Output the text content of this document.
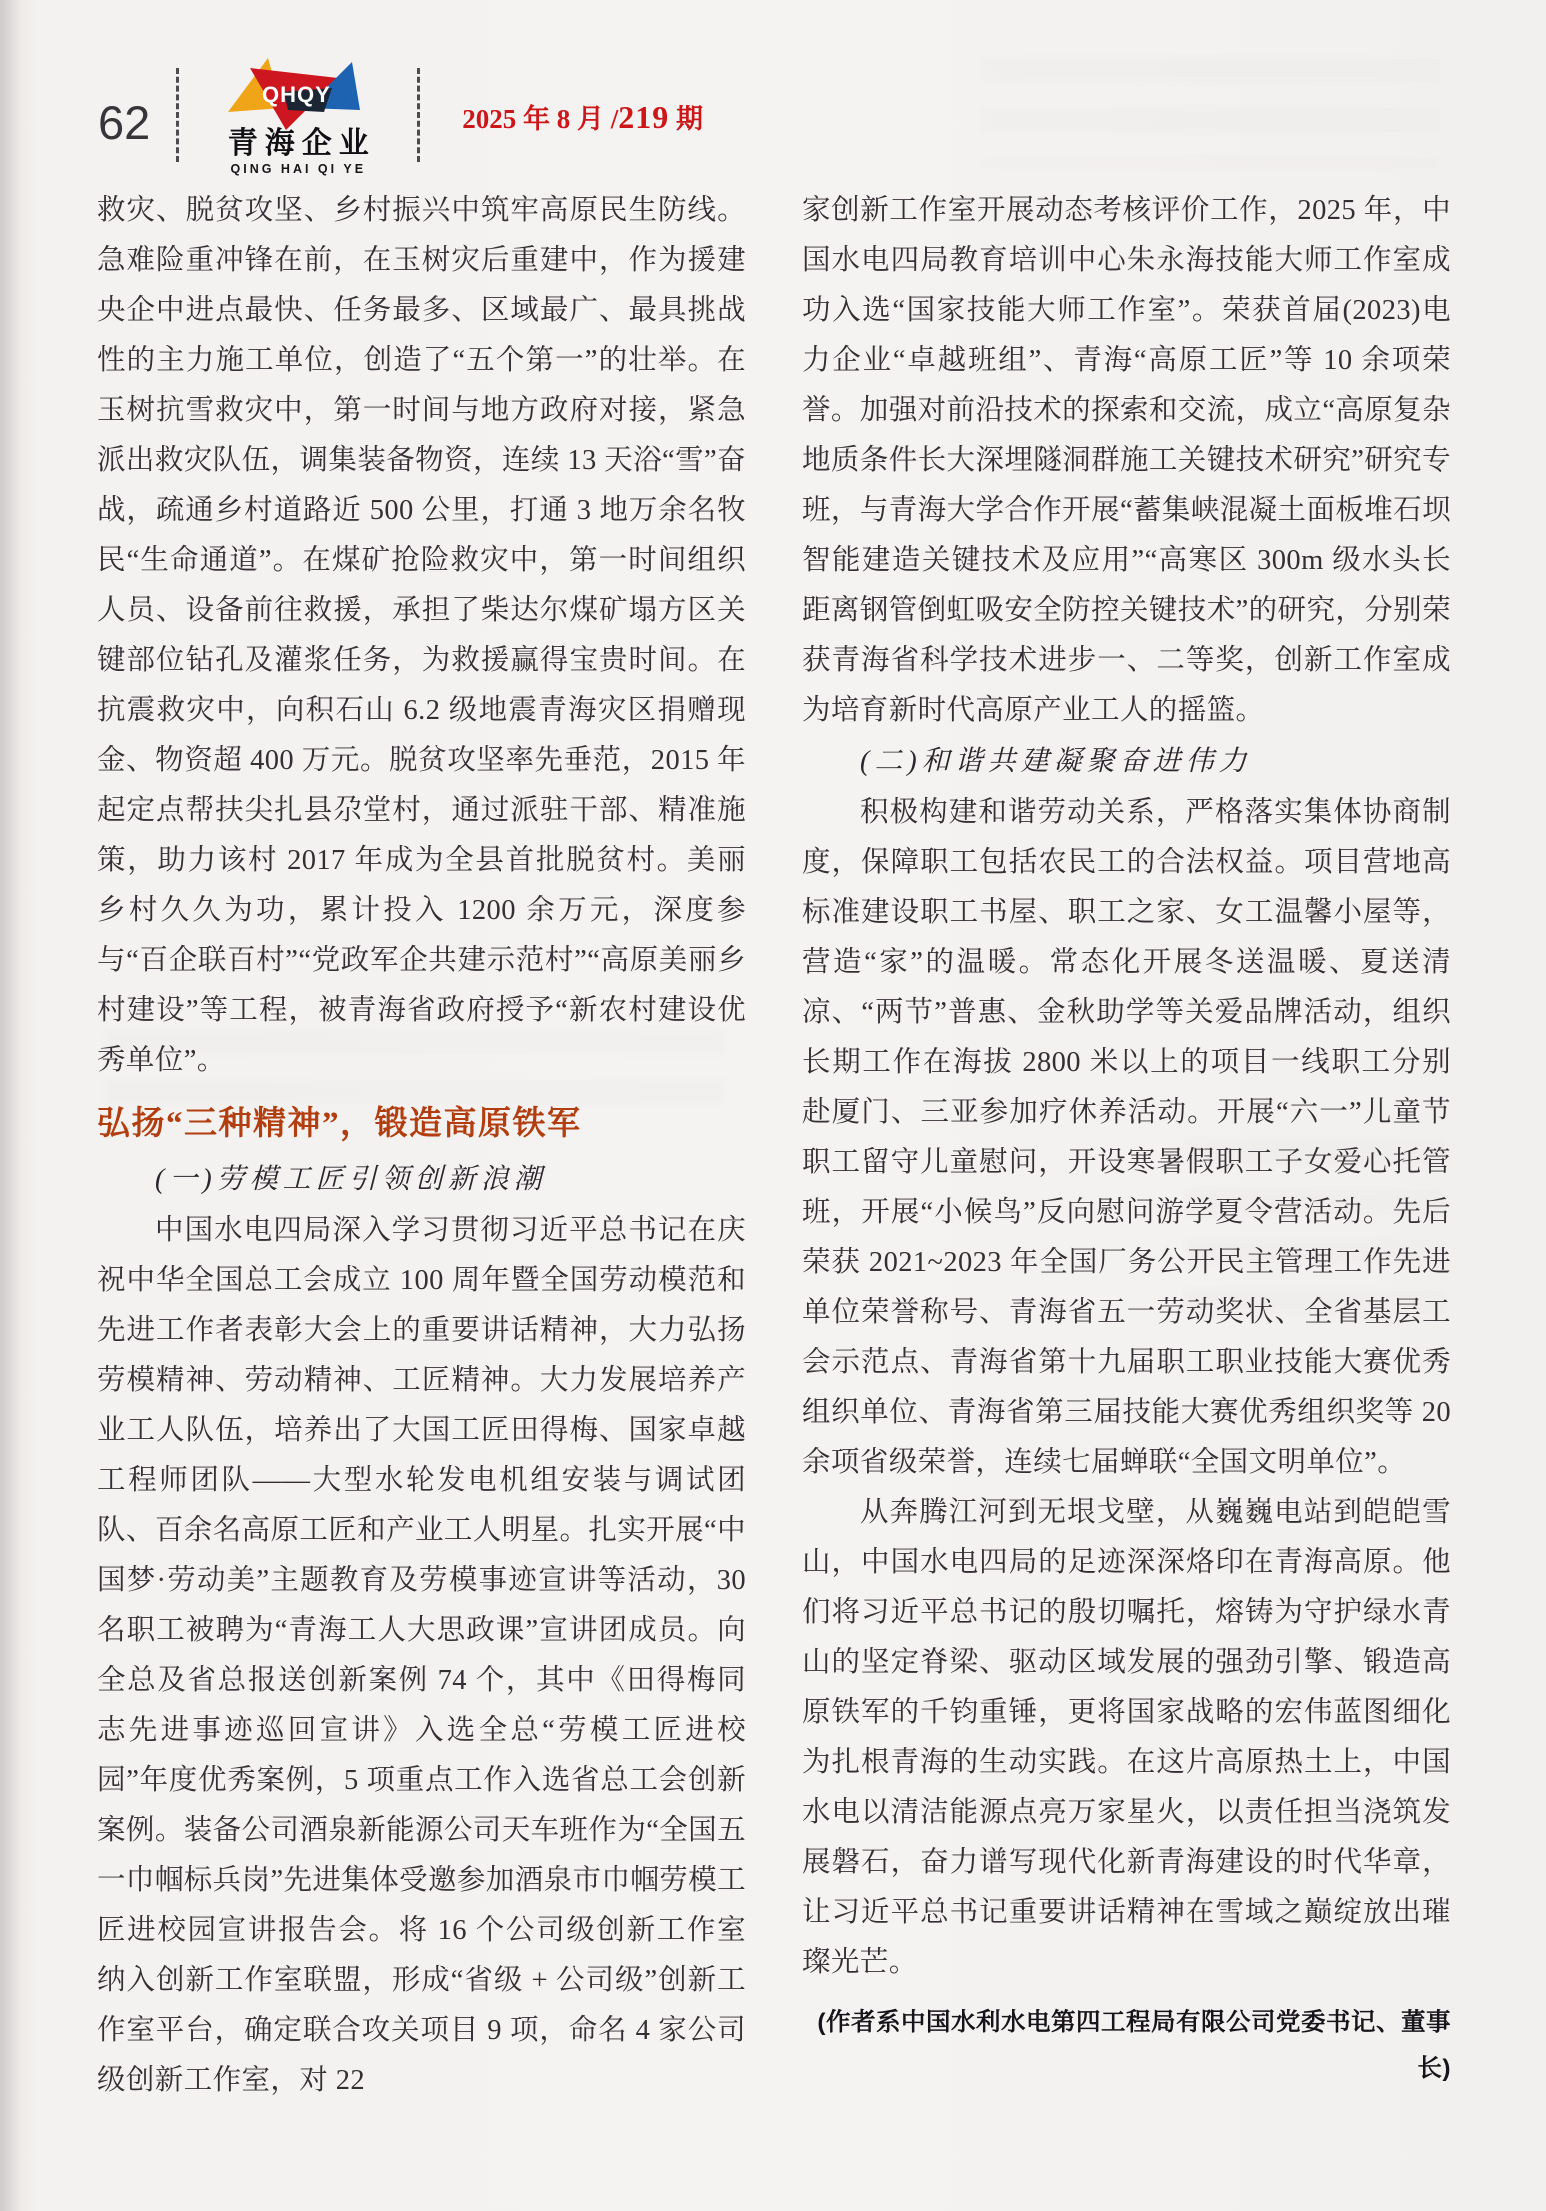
62
QHQY
青海企业
QING HAI QI YE
2025 年 8 月 /219 期

救灾、脱贫攻坚、乡村振兴中筑牢高原民生防线。急难险重冲锋在前，在玉树灾后重建中，作为援建央企中进点最快、任务最多、区域最广、最具挑战性的主力施工单位，创造了“五个第一”的壮举。在玉树抗雪救灾中，第一时间与地方政府对接，紧急派出救灾队伍，调集装备物资，连续 13 天浴“雪”奋战，疏通乡村道路近 500 公里，打通 3 地万余名牧民“生命通道”。在煤矿抢险救灾中，第一时间组织人员、设备前往救援，承担了柴达尔煤矿塌方区关键部位钻孔及灌浆任务，为救援赢得宝贵时间。在抗震救灾中，向积石山 6.2 级地震青海灾区捐赠现金、物资超 400 万元。脱贫攻坚率先垂范，2015 年起定点帮扶尖扎县尕堂村，通过派驻干部、精准施策，助力该村 2017 年成为全县首批脱贫村。美丽乡村久久为功，累计投入 1200 余万元，深度参与“百企联百村”“党政军企共建示范村”“高原美丽乡村建设”等工程，被青海省政府授予“新农村建设优秀单位”。

弘扬“三种精神”，锻造高原铁军
(一)劳模工匠引领创新浪潮

中国水电四局深入学习贯彻习近平总书记在庆祝中华全国总工会成立 100 周年暨全国劳动模范和先进工作者表彰大会上的重要讲话精神，大力弘扬劳模精神、劳动精神、工匠精神。大力发展培养产业工人队伍，培养出了大国工匠田得梅、国家卓越工程师团队——大型水轮发电机组安装与调试团队、百余名高原工匠和产业工人明星。扎实开展“中国梦·劳动美”主题教育及劳模事迹宣讲等活动，30 名职工被聘为“青海工人大思政课”宣讲团成员。向全总及省总报送创新案例 74 个，其中《田得梅同志先进事迹巡回宣讲》入选全总“劳模工匠进校园”年度优秀案例，5 项重点工作入选省总工会创新案例。装备公司酒泉新能源公司天车班作为“全国五一巾帼标兵岗”先进集体受邀参加酒泉市巾帼劳模工匠进校园宣讲报告会。将 16 个公司级创新工作室纳入创新工作室联盟，形成“省级 + 公司级”创新工作室平台，确定联合攻关项目 9 项，命名 4 家公司级创新工作室，对 22

家创新工作室开展动态考核评价工作，2025 年，中国水电四局教育培训中心朱永海技能大师工作室成功入选“国家技能大师工作室”。荣获首届(2023)电力企业“卓越班组”、青海“高原工匠”等 10 余项荣誉。加强对前沿技术的探索和交流，成立“高原复杂地质条件长大深埋隧洞群施工关键技术研究”研究专班，与青海大学合作开展“蓄集峡混凝土面板堆石坝智能建造关键技术及应用”“高寒区 300m 级水头长距离钢管倒虹吸安全防控关键技术”的研究，分别荣获青海省科学技术进步一、二等奖，创新工作室成为培育新时代高原产业工人的摇篮。

(二)和谐共建凝聚奋进伟力

积极构建和谐劳动关系，严格落实集体协商制度，保障职工包括农民工的合法权益。项目营地高标准建设职工书屋、职工之家、女工温馨小屋等，营造“家”的温暖。常态化开展冬送温暖、夏送清凉、“两节”普惠、金秋助学等关爱品牌活动，组织长期工作在海拔 2800 米以上的项目一线职工分别赴厦门、三亚参加疗休养活动。开展“六一”儿童节职工留守儿童慰问，开设寒暑假职工子女爱心托管班，开展“小候鸟”反向慰问游学夏令营活动。先后荣获 2021~2023 年全国厂务公开民主管理工作先进单位荣誉称号、青海省五一劳动奖状、全省基层工会示范点、青海省第十九届职工职业技能大赛优秀组织单位、青海省第三届技能大赛优秀组织奖等 20 余项省级荣誉，连续七届蝉联“全国文明单位”。

从奔腾江河到无垠戈壁，从巍巍电站到皑皑雪山，中国水电四局的足迹深深烙印在青海高原。他们将习近平总书记的殷切嘱托，熔铸为守护绿水青山的坚定脊梁、驱动区域发展的强劲引擎、锻造高原铁军的千钧重锤，更将国家战略的宏伟蓝图细化为扎根青海的生动实践。在这片高原热土上，中国水电以清洁能源点亮万家星火，以责任担当浇筑发展磐石，奋力谱写现代化新青海建设的时代华章，让习近平总书记重要讲话精神在雪域之巅绽放出璀璨光芒。

(作者系中国水利水电第四工程局有限公司党委书记、董事长)
